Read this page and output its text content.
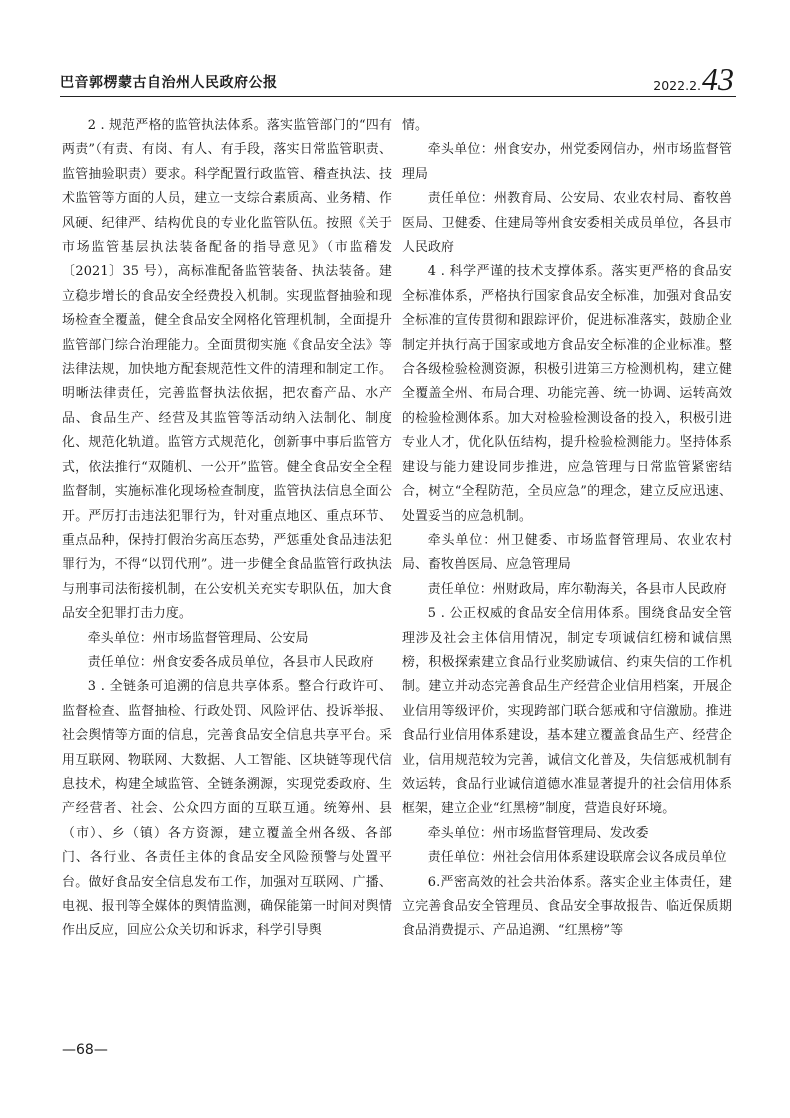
巴音郭楞蒙古自治州人民政府公报	2022.2.43

2 . 规范严格的监管执法体系。落实监管部门的“四有两责”（有责、有岗、有人、有手段，落实日常监管职责、监管抽验职责）要求。科学配置行政监管、稽查执法、技术监管等方面的人员，建立一支综合素质高、业务精、作风硬、纪律严、结构优良的专业化监管队伍。按照《关于市场监管基层执法装备配备的指导意见》（市监稽发〔2021〕35 号），高标准配备监管装备、执法装备。建立稳步增长的食品安全经费投入机制。实现监督抽验和现场检查全覆盖，健全食品安全网格化管理机制，全面提升监管部门综合治理能力。全面贯彻实施《食品安全法》等法律法规，加快地方配套规范性文件的清理和制定工作。明晰法律责任，完善监督执法依据，把农畜产品、水产品、食品生产、经营及其监管等活动纳入法制化、制度化、规范化轨道。监管方式规范化，创新事中事后监管方式，依法推行“双随机、一公开”监管。健全食品安全全程监督制，实施标准化现场检查制度，监管执法信息全面公开。严厉打击违法犯罪行为，针对重点地区、重点环节、重点品种，保持打假治劣高压态势，严惩重处食品违法犯罪行为，不得“以罚代刑”。进一步健全食品监管行政执法与刑事司法衔接机制，在公安机关充实专职队伍，加大食品安全犯罪打击力度。

牵头单位：州市场监督管理局、公安局

责任单位：州食安委各成员单位，各县市人民政府

3 . 全链条可追溯的信息共享体系。整合行政许可、监督检查、监督抽检、行政处罚、风险评估、投诉举报、社会舆情等方面的信息，完善食品安全信息共享平台。采用互联网、物联网、大数据、人工智能、区块链等现代信息技术，构建全域监管、全链条溯源，实现党委政府、生产经营者、社会、公众四方面的互联互通。统筹州、县（市）、乡（镇）各方资源，建立覆盖全州各级、各部门、各行业、各责任主体的食品安全风险预警与处置平台。做好食品安全信息发布工作，加强对互联网、广播、电视、报刊等全媒体的舆情监测，确保能第一时间对舆情作出反应，回应公众关切和诉求，科学引导舆

情。

牵头单位：州食安办，州党委网信办，州市场监督管理局

责任单位：州教育局、公安局、农业农村局、畜牧兽医局、卫健委、住建局等州食安委相关成员单位，各县市人民政府

4 . 科学严谨的技术支撑体系。落实更严格的食品安全标准体系，严格执行国家食品安全标准，加强对食品安全标准的宣传贯彻和跟踪评价，促进标准落实，鼓励企业制定并执行高于国家或地方食品安全标准的企业标准。整合各级检验检测资源，积极引进第三方检测机构，建立健全覆盖全州、布局合理、功能完善、统一协调、运转高效的检验检测体系。加大对检验检测设备的投入，积极引进专业人才，优化队伍结构，提升检验检测能力。坚持体系建设与能力建设同步推进，应急管理与日常监管紧密结合，树立“全程防范，全员应急”的理念，建立反应迅速、处置妥当的应急机制。

牵头单位：州卫健委、市场监督管理局、农业农村局、畜牧兽医局、应急管理局

责任单位：州财政局，库尔勒海关，各县市人民政府

5 . 公正权威的食品安全信用体系。围绕食品安全管理涉及社会主体信用情况，制定专项诚信红榜和诚信黑榜，积极探索建立食品行业奖励诚信、约束失信的工作机制。建立并动态完善食品生产经营企业信用档案，开展企业信用等级评价，实现跨部门联合惩戒和守信激励。推进食品行业信用体系建设，基本建立覆盖食品生产、经营企业，信用规范较为完善，诚信文化普及，失信惩戒机制有效运转，食品行业诚信道德水准显著提升的社会信用体系框架，建立企业“红黑榜”制度，营造良好环境。

牵头单位：州市场监督管理局、发改委

责任单位：州社会信用体系建设联席会议各成员单位

6.严密高效的社会共治体系。落实企业主体责任，建立完善食品安全管理员、食品安全事故报告、临近保质期食品消费提示、产品追溯、“红黑榜”等

—68—
